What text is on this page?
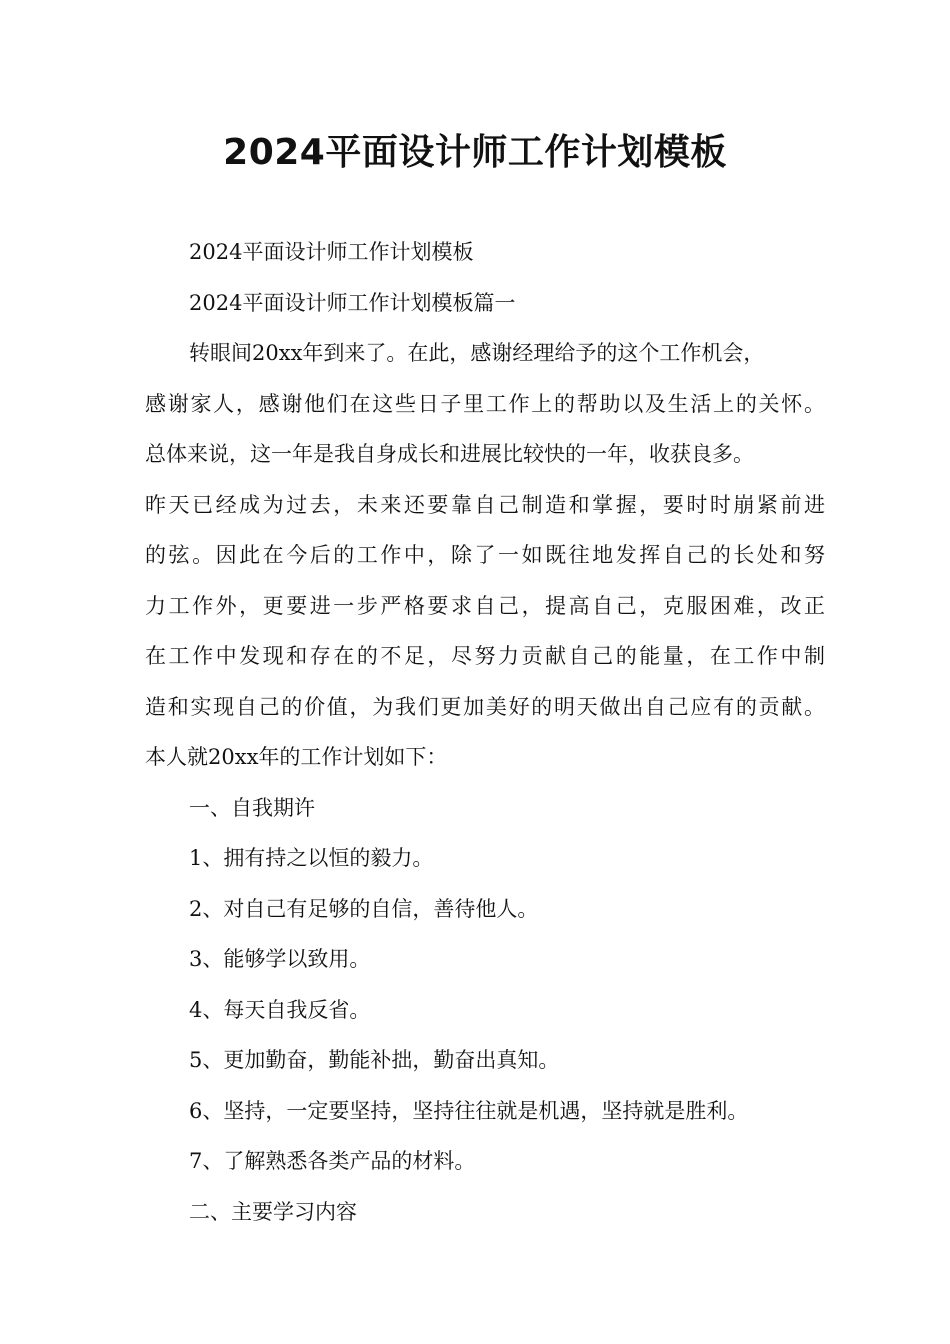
2024平面设计师工作计划模板
2024平面设计师工作计划模板
2024平面设计师工作计划模板篇一
转眼间20xx年到来了。在此，感谢经理给予的这个工作机会，
感谢家人，感谢他们在这些日子里工作上的帮助以及生活上的关怀。
总体来说，这一年是我自身成长和进展比较快的一年，收获良多。
昨天已经成为过去，未来还要靠自己制造和掌握，要时时崩紧前进
的弦。因此在今后的工作中，除了一如既往地发挥自己的长处和努
力工作外，更要进一步严格要求自己，提高自己，克服困难，改正
在工作中发现和存在的不足，尽努力贡献自己的能量，在工作中制
造和实现自己的价值，为我们更加美好的明天做出自己应有的贡献。
本人就20xx年的工作计划如下：
一、自我期许
1、拥有持之以恒的毅力。
2、对自己有足够的自信，善待他人。
3、能够学以致用。
4、每天自我反省。
5、更加勤奋，勤能补拙，勤奋出真知。
6、坚持，一定要坚持，坚持往往就是机遇，坚持就是胜利。
7、了解熟悉各类产品的材料。
二、主要学习内容
